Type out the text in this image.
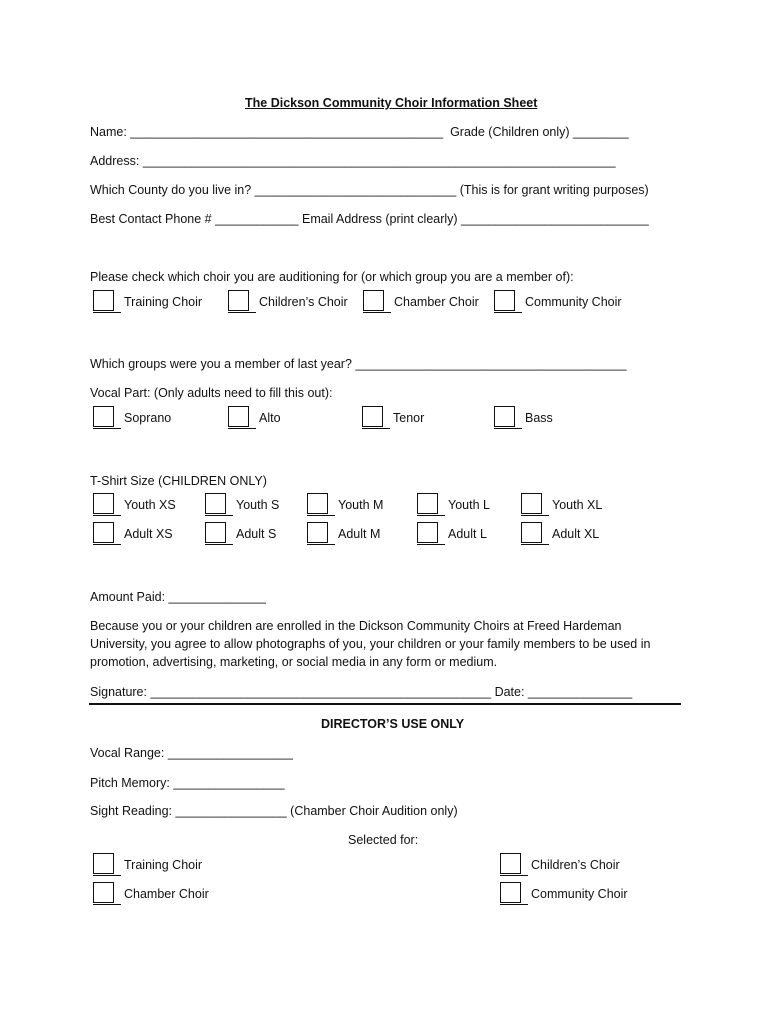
The Dickson Community Choir Information Sheet
Name: _____________________________________________  Grade (Children only) ________
Address: ____________________________________________________________________
Which County do you live in? _____________________________ (This is for grant writing purposes)
Best Contact Phone # ____________ Email Address (print clearly) ___________________________
Please check which choir you are auditioning for (or which group you are a member of):
Training Choir	Children’s Choir	Chamber Choir	Community Choir
Which groups were you a member of last year? _______________________________________
Vocal Part: (Only adults need to fill this out):
Soprano	Alto	Tenor	Bass
T-Shirt Size (CHILDREN ONLY)
Youth XS	Youth S	Youth M	Youth L	Youth XL
Adult XS	Adult S	Adult M	Adult L	Adult XL
Amount Paid: ______________
Because you or your children are enrolled in the Dickson Community Choirs at Freed Hardeman
University, you agree to allow photographs of you, your children or your family members to be used in
promotion, advertising, marketing, or social media in any form or medium.
Signature: _________________________________________________ Date: _______________
DIRECTOR’S USE ONLY
Vocal Range: __________________
Pitch Memory: ________________
Sight Reading: ________________ (Chamber Choir Audition only)
Selected for:
Training Choir	Children’s Choir
Chamber Choir	Community Choir
